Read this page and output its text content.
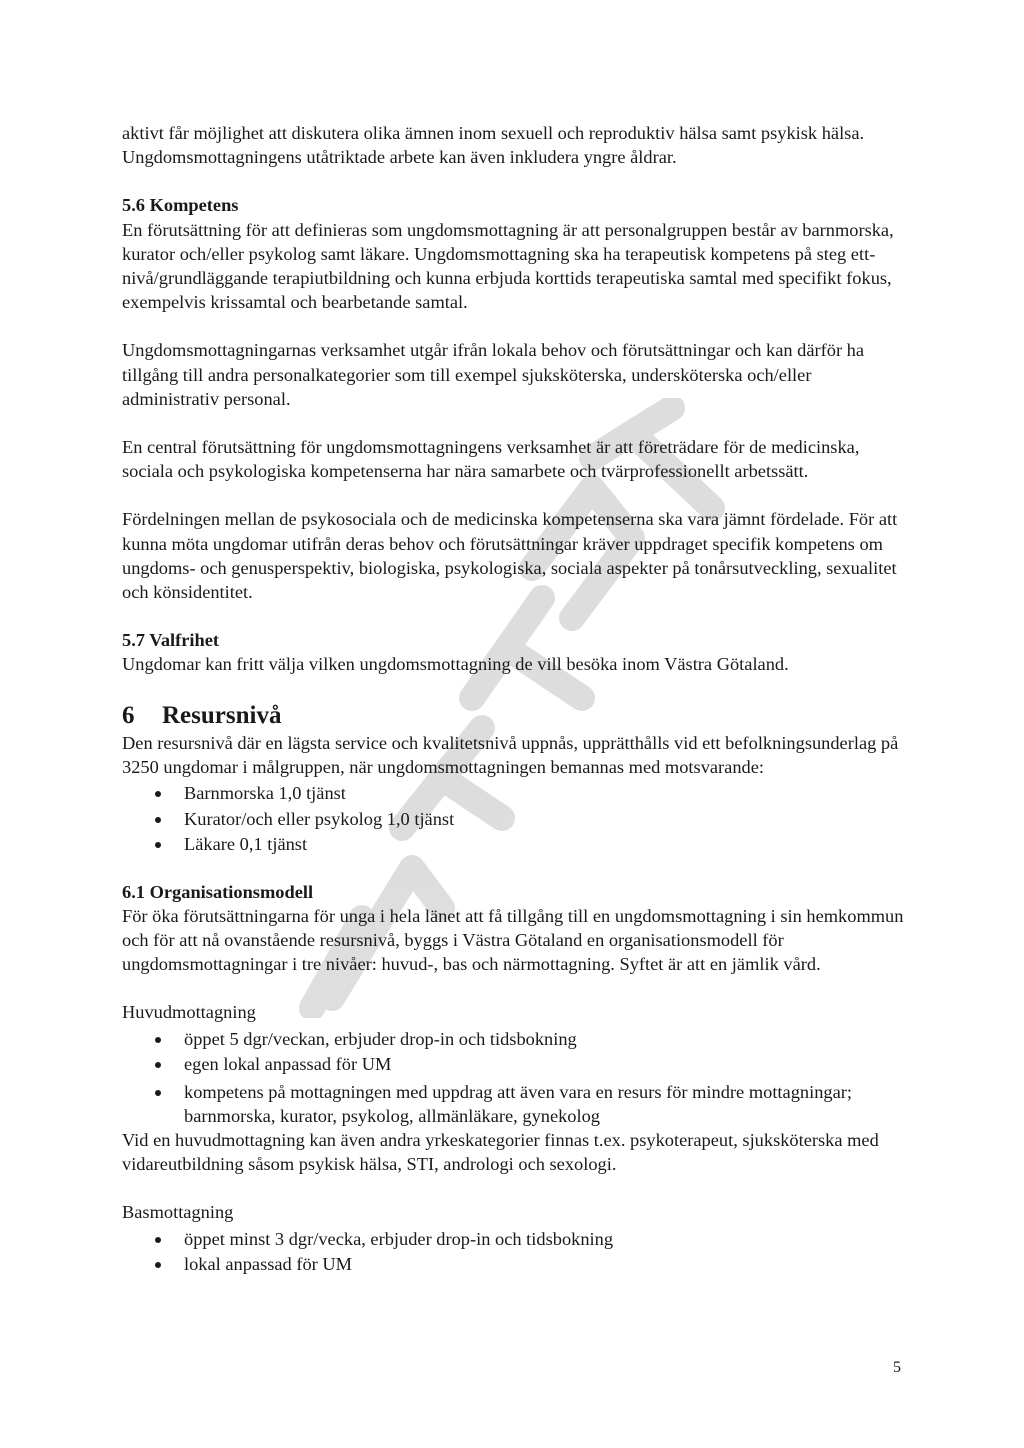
aktivt får möjlighet att diskutera olika ämnen inom sexuell och reproduktiv hälsa samt psykisk hälsa. Ungdomsmottagningens utåtriktade arbete kan även inkludera yngre åldrar.

5.6 Kompetens

En förutsättning för att definieras som ungdomsmottagning är att personalgruppen består av barnmorska, kurator och/eller psykolog samt läkare. Ungdomsmottagning ska ha terapeutisk kompetens på steg ett-nivå/grundläggande terapiutbildning och kunna erbjuda korttids terapeutiska samtal med specifikt fokus, exempelvis krissamtal och bearbetande samtal.

Ungdomsmottagningarnas verksamhet utgår ifrån lokala behov och förutsättningar och kan därför ha tillgång till andra personalkategorier som till exempel sjuksköterska, undersköterska och/eller administrativ personal.

En central förutsättning för ungdomsmottagningens verksamhet är att företrädare för de medicinska, sociala och psykologiska kompetenserna har nära samarbete och tvärprofessionellt arbetssätt.

Fördelningen mellan de psykosociala och de medicinska kompetenserna ska vara jämnt fördelade. För att kunna möta ungdomar utifrån deras behov och förutsättningar kräver uppdraget specifik kompetens om ungdoms- och genusperspektiv, biologiska, psykologiska, sociala aspekter på tonårsutveckling, sexualitet och könsidentitet.

5.7 Valfrihet

Ungdomar kan fritt välja vilken ungdomsmottagning de vill besöka inom Västra Götaland.

6 Resursnivå

Den resursnivå där en lägsta service och kvalitetsnivå uppnås, upprätthålls vid ett befolkningsunderlag på 3250 ungdomar i målgruppen, när ungdomsmottagningen bemannas med motsvarande:

Barnmorska 1,0 tjänst
Kurator/och eller psykolog 1,0 tjänst
Läkare 0,1 tjänst

6.1 Organisationsmodell

För öka förutsättningarna för unga i hela länet att få tillgång till en ungdomsmottagning i sin hemkommun och för att nå ovanstående resursnivå, byggs i Västra Götaland en organisationsmodell för ungdomsmottagningar i tre nivåer: huvud-, bas och närmottagning. Syftet är att en jämlik vård.

Huvudmottagning

öppet 5 dgr/veckan, erbjuder drop-in och tidsbokning
egen lokal anpassad för UM
kompetens på mottagningen med uppdrag att även vara en resurs för mindre mottagningar; barnmorska, kurator, psykolog, allmänläkare, gynekolog

Vid en huvudmottagning kan även andra yrkeskategorier finnas t.ex. psykoterapeut, sjuksköterska med vidareutbildning såsom psykisk hälsa, STI, andrologi och sexologi.

Basmottagning

öppet minst 3 dgr/vecka, erbjuder drop-in och tidsbokning
lokal anpassad för UM
5
